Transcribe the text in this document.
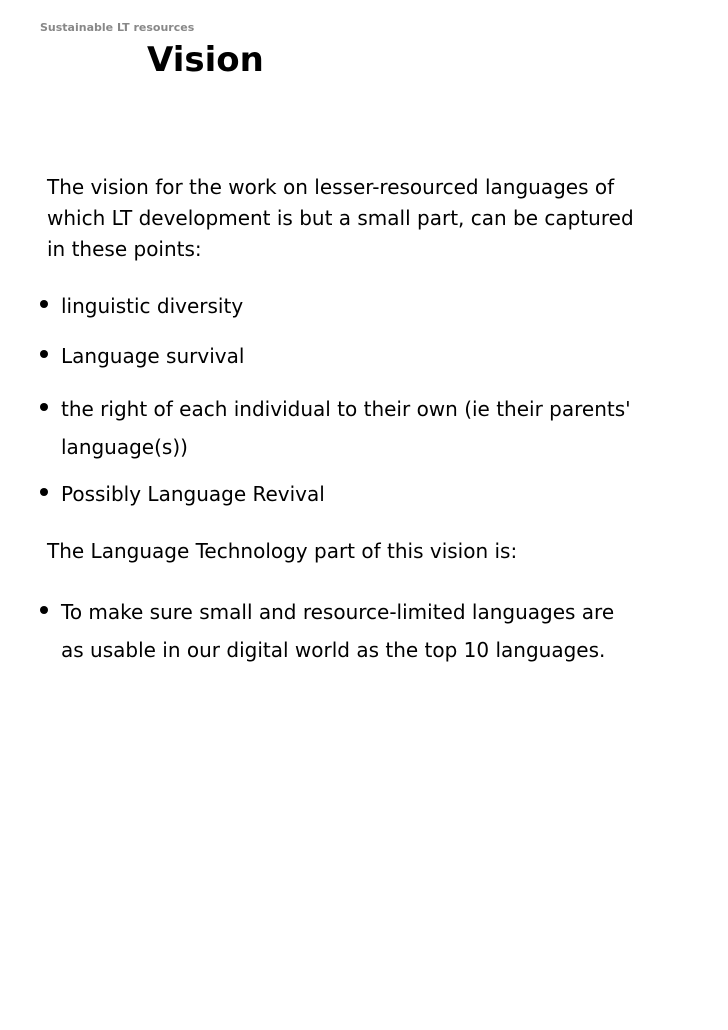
Sustainable LT resources
Vision

The vision for the work on lesser-resourced languages of
which LT development is but a small part, can be captured
in these points:

linguistic diversity
Language survival
the right of each individual to their own (ie their parents'
language(s))
Possibly Language Revival

The Language Technology part of this vision is:

To make sure small and resource-limited languages are
as usable in our digital world as the top 10 languages.
